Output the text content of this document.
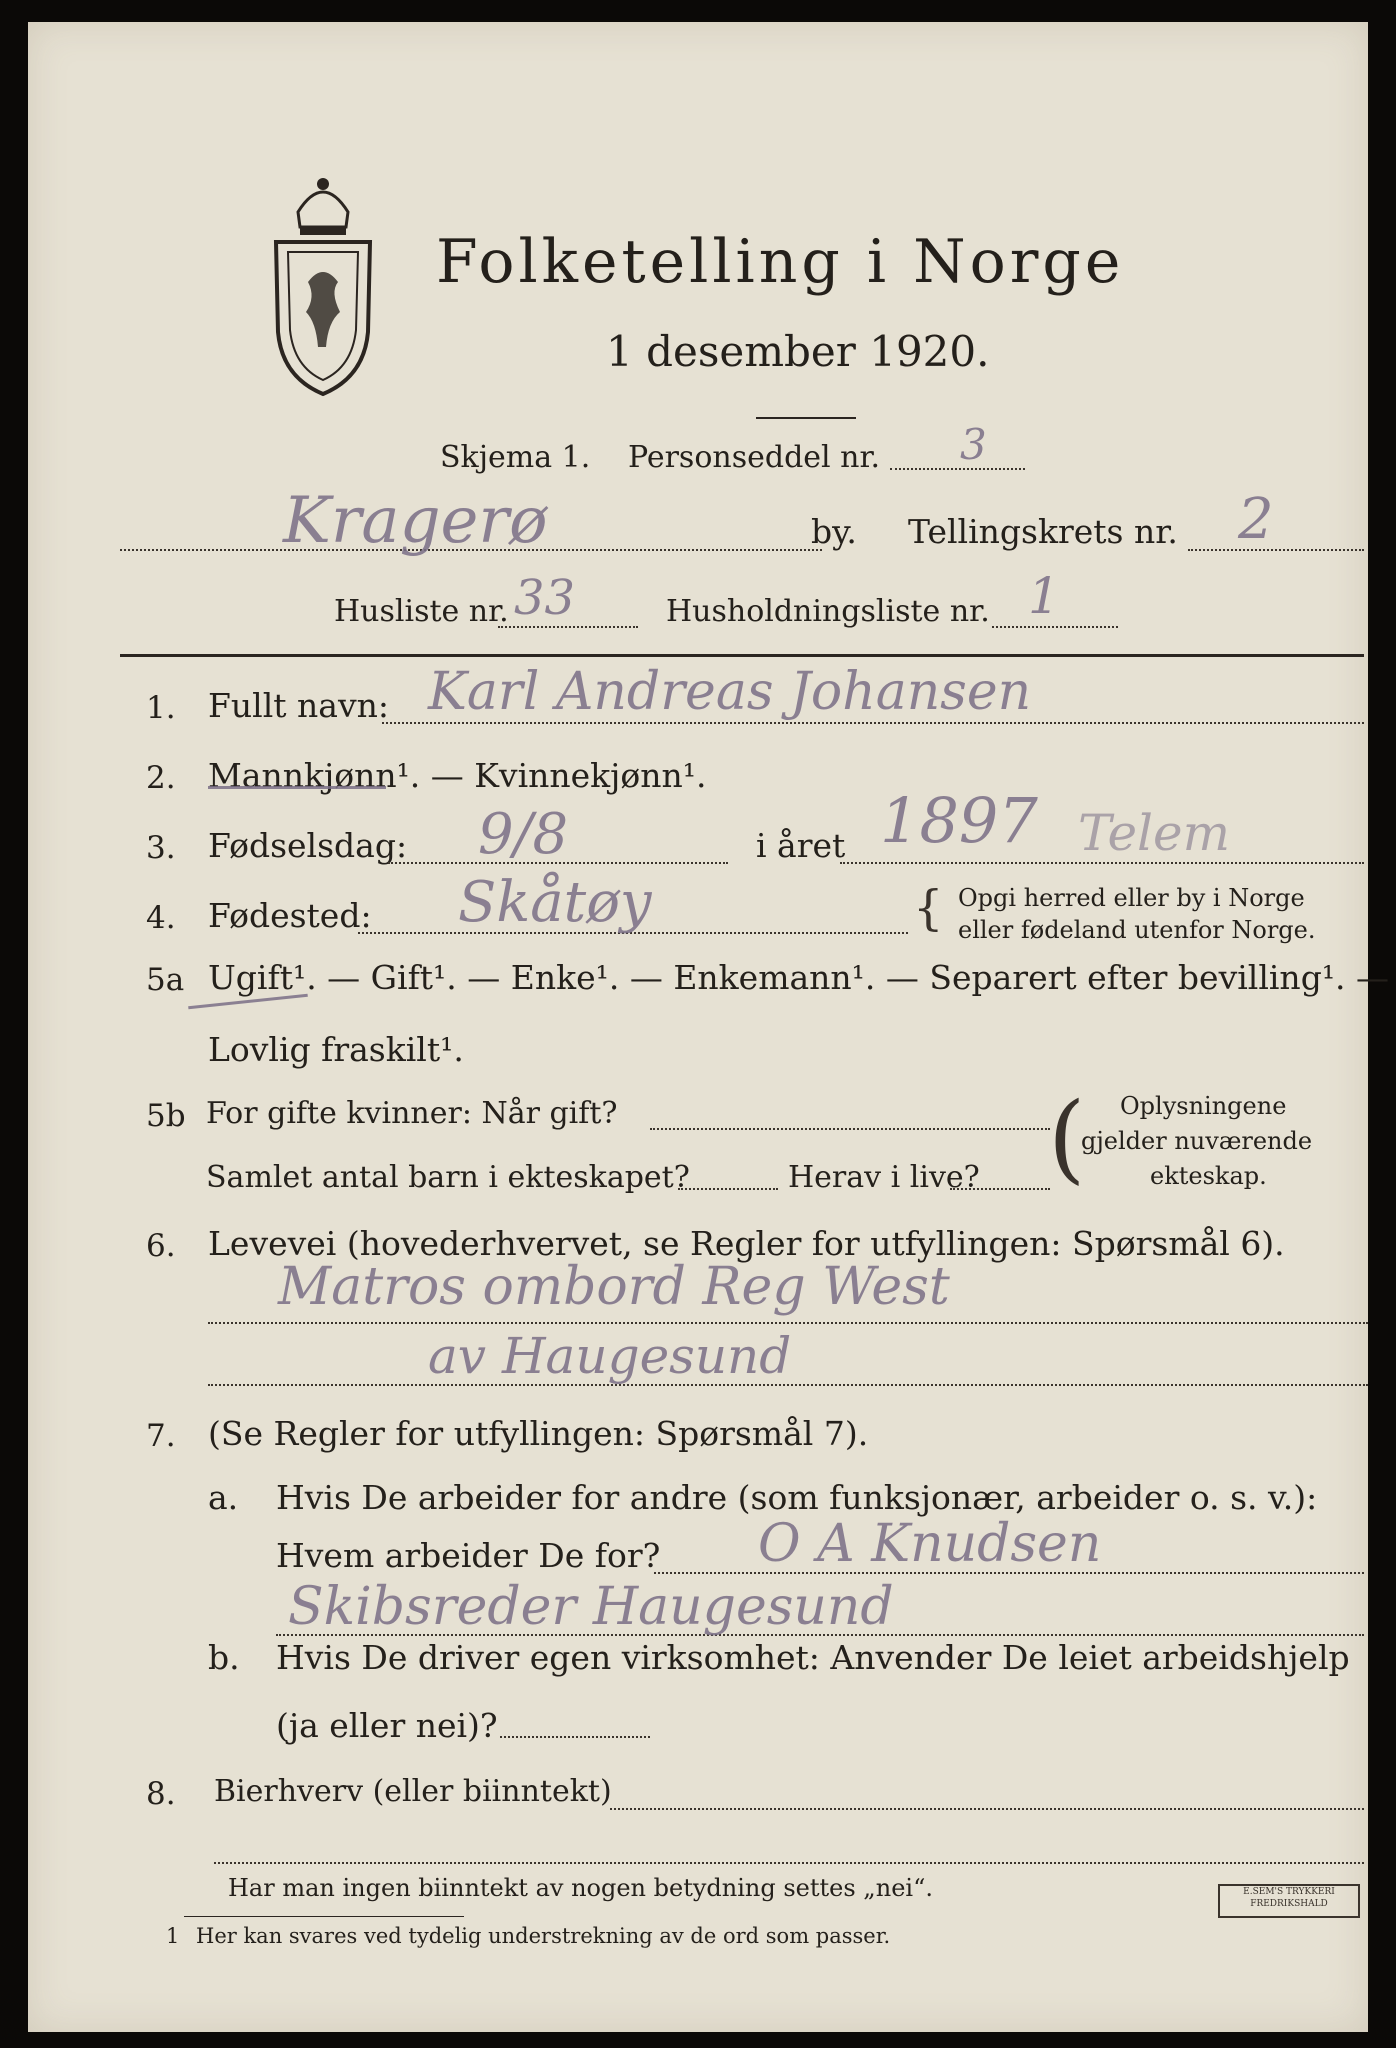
Folketelling i Norge
1 desember 1920.
Skjema 1. Personseddel nr. 3
Kragerø	by. Tellingskrets nr. 2
Husliste nr. 33	Husholdningsliste nr. 1
1. Fullt navn: Karl Andreas Johansen
2. Mannkjønn¹. — Kvinnekjønn¹.
3. Fødselsdag: 9/8	i året 1897 Telem
4. Fødested: Skåtøy	{ Opgi herred eller by i Norge
eller fødeland utenfor Norge.
5a Ugift¹. — Gift¹. — Enke¹. — Enkemann¹. — Separert efter bevilling¹. —
Lovlig fraskilt¹.
5b For gifte kvinner: Når gift?
Samlet antal barn i ekteskapet?	Herav i live? ( Oplysningene
gjelder nuværende
ekteskap.
6. Levevei (hovederhvervet, se Regler for utfyllingen: Spørsmål 6).
Matros ombord Reg West
av Haugesund
7. (Se Regler for utfyllingen: Spørsmål 7).
a. Hvis De arbeider for andre (som funksjonær, arbeider o. s. v.):
Hvem arbeider De for? O A Knudsen
Skibsreder Haugesund
b. Hvis De driver egen virksomhet: Anvender De leiet arbeidshjelp
(ja eller nei)?
8. Bierhverv (eller biinntekt)
Har man ingen biinntekt av nogen betydning settes „nei“.
1 Her kan svares ved tydelig understrekning av de ord som passer.
E.SEM'S TRYKKERI
FREDRIKSHALD
